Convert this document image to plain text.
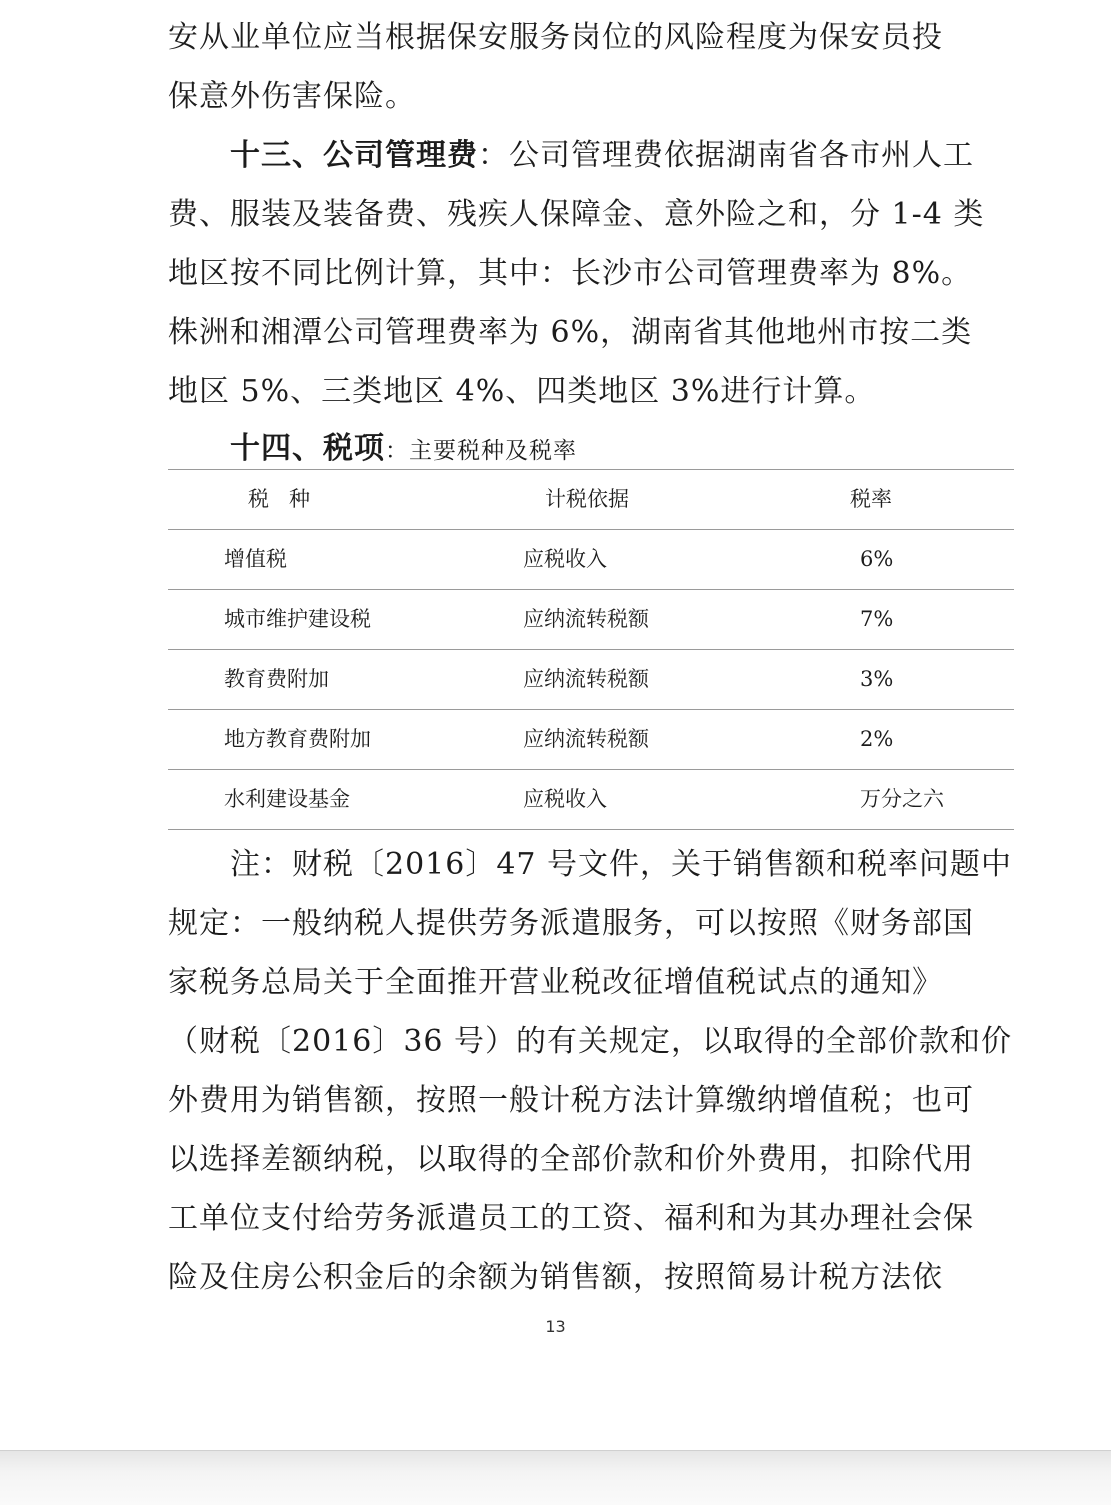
安从业单位应当根据保安服务岗位的风险程度为保安员投
保意外伤害保险。
十三、公司管理费：公司管理费依据湖南省各市州人工
费、服装及装备费、残疾人保障金、意外险之和，分 1-4 类
地区按不同比例计算，其中：长沙市公司管理费率为 8%。
株洲和湘潭公司管理费率为 6%，湖南省其他地州市按二类
地区 5%、三类地区 4%、四类地区 3%进行计算。
十四、税项：主要税种及税率
税种	计税依据	税率
增值税	应税收入	6%
城市维护建设税	应纳流转税额	7%
教育费附加	应纳流转税额	3%
地方教育费附加	应纳流转税额	2%
水利建设基金	应税收入	万分之六
注：财税〔2016〕47 号文件，关于销售额和税率问题中
规定：一般纳税人提供劳务派遣服务，可以按照《财务部国
家税务总局关于全面推开营业税改征增值税试点的通知》
（财税〔2016〕36 号）的有关规定，以取得的全部价款和价
外费用为销售额，按照一般计税方法计算缴纳增值税；也可
以选择差额纳税，以取得的全部价款和价外费用，扣除代用
工单位支付给劳务派遣员工的工资、福利和为其办理社会保
险及住房公积金后的余额为销售额，按照简易计税方法依
13
